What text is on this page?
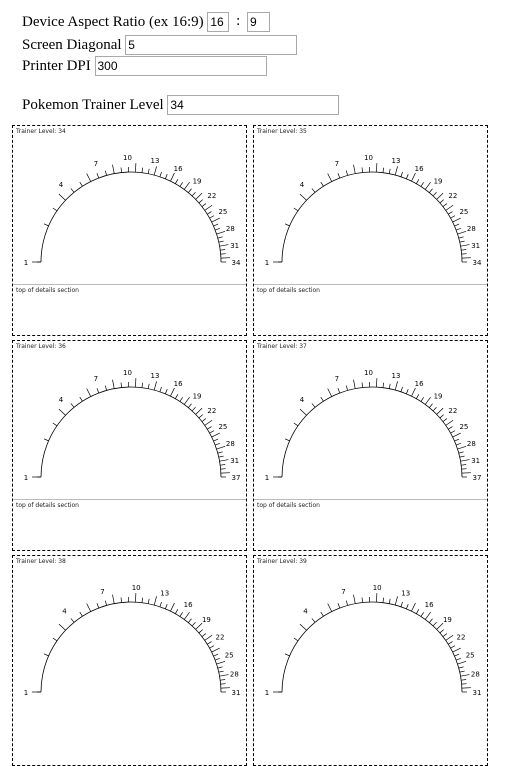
Device Aspect Ratio (ex 16:9) 16 : 9
Screen Diagonal 5
Printer DPI 300
Pokemon Trainer Level 34
Trainer Level: 34
1
4
7
10	13
16
19
22
25
28
31
34
top of details section
Trainer Level: 35
1
4
7
10	13
16
19
22
25
28
31
34
top of details section
Trainer Level: 36
1
4
7
10	13
16
19
22
25
28
31
37
top of details section
Trainer Level: 37
1
4
7
10	13
16
19
22
25
28
31
37
top of details section
Trainer Level: 38
1
4
7	10
13
16
19
22
25
28
31
Trainer Level: 39
1
4
7	10
13
16
19
22
25
28
31
